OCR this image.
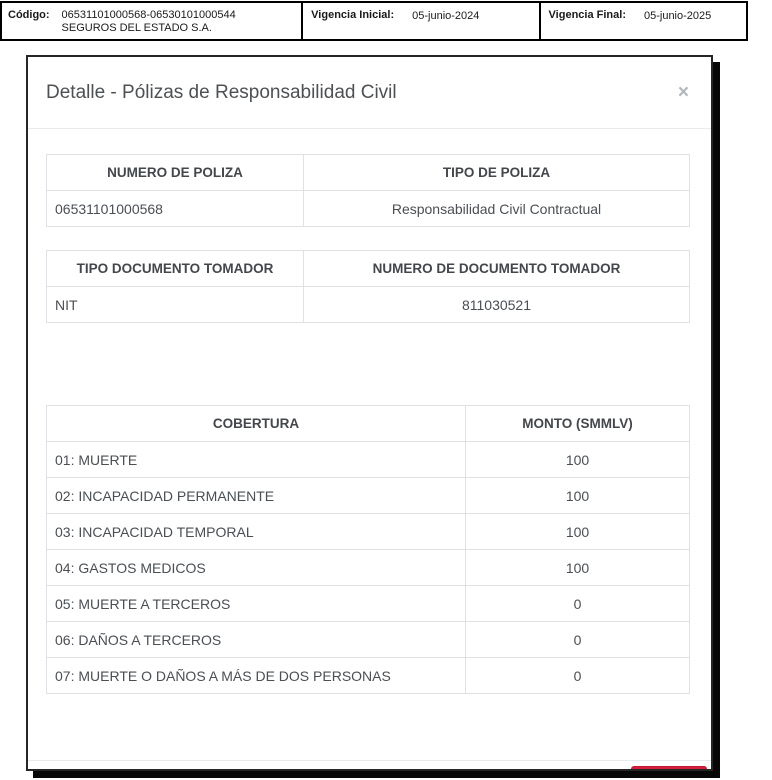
Código: 06531101000568-06530101000544
SEGUROS DEL ESTADO S.A.
Vigencia Inicial: 05-junio-2024	Vigencia Final: 05-junio-2025
Detalle - Pólizas de Responsabilidad Civil	×
NUMERO DE POLIZA	TIPO DE POLIZA
06531101000568	Responsabilidad Civil Contractual
TIPO DOCUMENTO TOMADOR	NUMERO DE DOCUMENTO TOMADOR
NIT	811030521
COBERTURA	MONTO (SMMLV)
01: MUERTE	100
02: INCAPACIDAD PERMANENTE	100
03: INCAPACIDAD TEMPORAL	100
04: GASTOS MEDICOS	100
05: MUERTE A TERCEROS	0
06: DAÑOS A TERCEROS	0
07: MUERTE O DAÑOS A MÁS DE DOS PERSONAS	0
